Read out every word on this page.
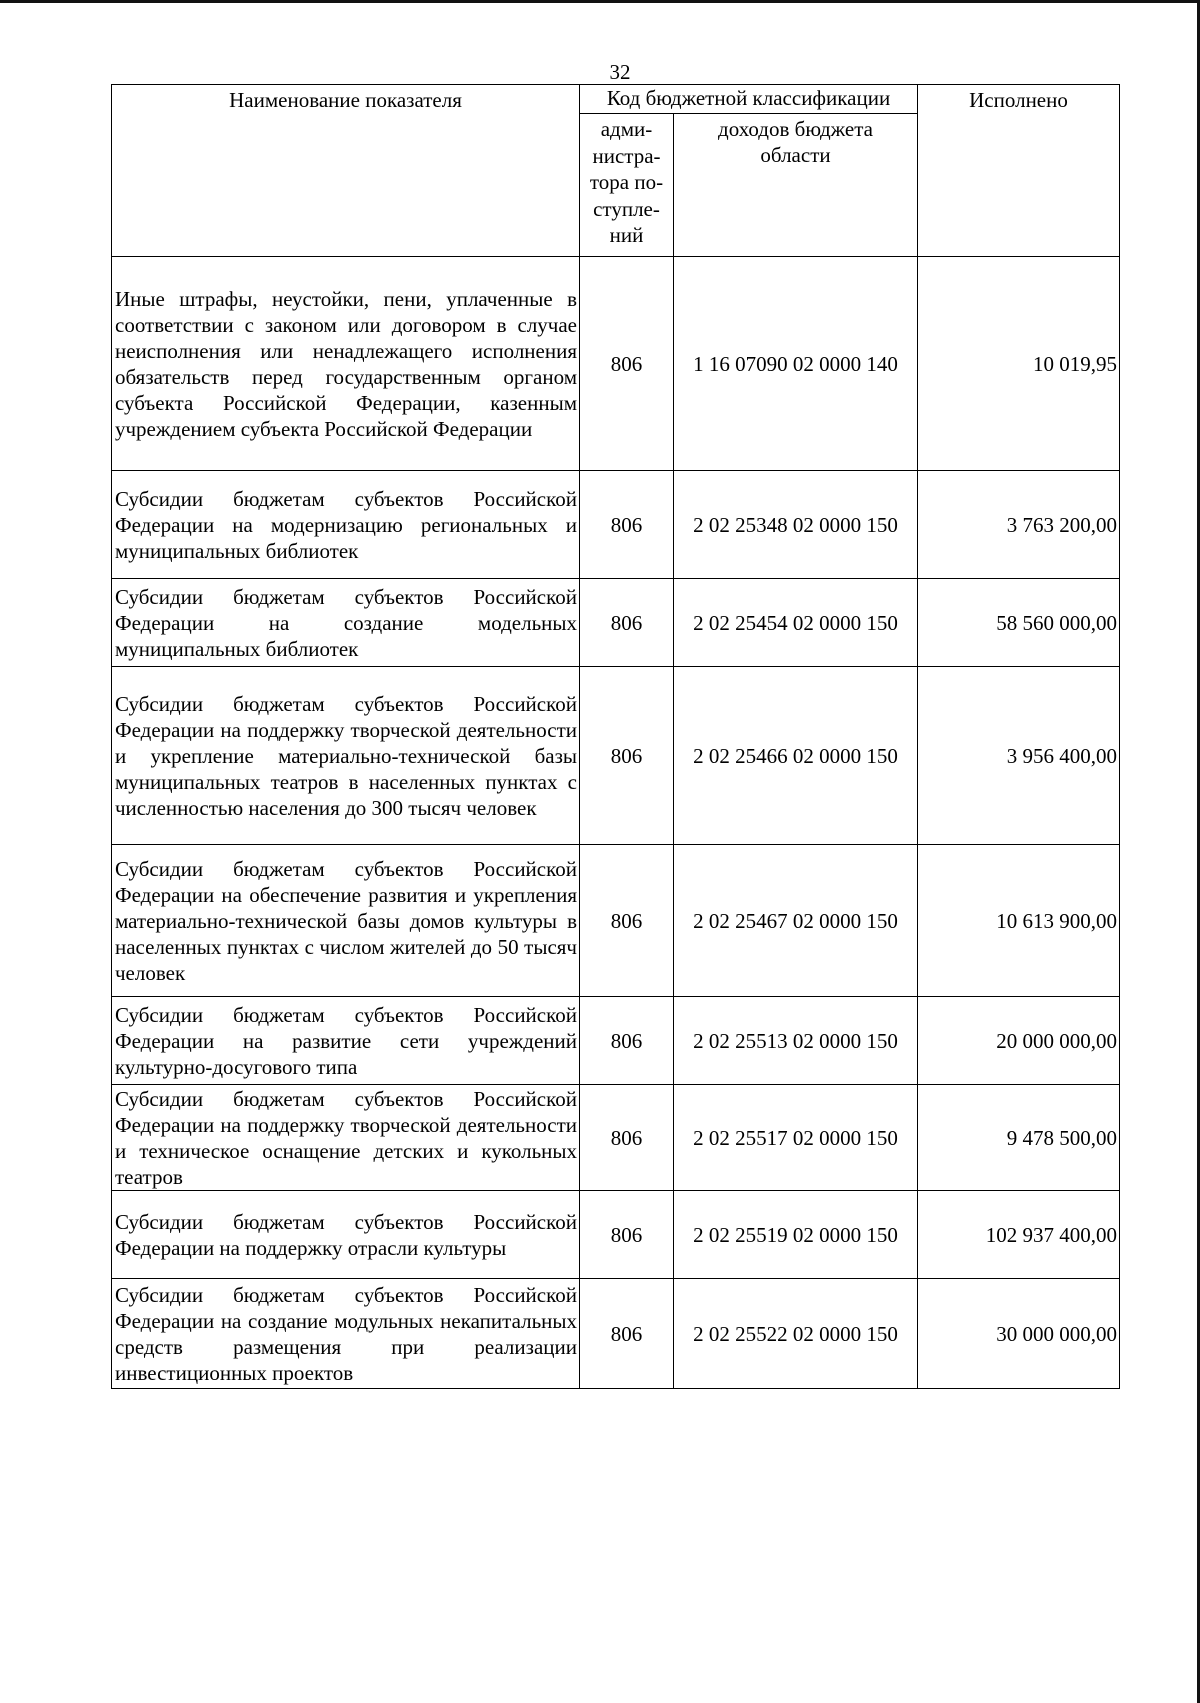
32
Наименование показателя	Код бюджетной классификации		Исполнено
	адми-
нистра-
тора по-
ступле-
ний	доходов бюджета
области	
Иные штрафы, неустойки, пени, уплаченные в соответствии с законом или договором в случае неисполнения или ненадлежащего исполнения обязательств перед государственным органом субъекта Российской Федерации, казенным учреждением субъекта Российской Федерации	806	1 16 07090 02 0000 140	10 019,95
Субсидии бюджетам субъектов Российской Федерации на модернизацию региональных и муниципальных библиотек	806	2 02 25348 02 0000 150	3 763 200,00
Субсидии бюджетам субъектов Российской Федерации на создание модельных муниципальных библиотек	806	2 02 25454 02 0000 150	58 560 000,00
Субсидии бюджетам субъектов Российской Федерации на поддержку творческой деятельности и укрепление материально-технической базы муниципальных театров в населенных пунктах с численностью населения до 300 тысяч человек	806	2 02 25466 02 0000 150	3 956 400,00
Субсидии бюджетам субъектов Российской Федерации на обеспечение развития и укрепления материально-технической базы домов культуры в населенных пунктах с числом жителей до 50 тысяч человек	806	2 02 25467 02 0000 150	10 613 900,00
Субсидии бюджетам субъектов Российской Федерации на развитие сети учреждений культурно-досугового типа	806	2 02 25513 02 0000 150	20 000 000,00
Субсидии бюджетам субъектов Российской Федерации на поддержку творческой деятельности и техническое оснащение детских и кукольных театров	806	2 02 25517 02 0000 150	9 478 500,00
Субсидии бюджетам субъектов Российской Федерации на поддержку отрасли культуры	806	2 02 25519 02 0000 150	102 937 400,00
Субсидии бюджетам субъектов Российской Федерации на создание модульных некапитальных средств размещения при реализации инвестиционных проектов	806	2 02 25522 02 0000 150	30 000 000,00
